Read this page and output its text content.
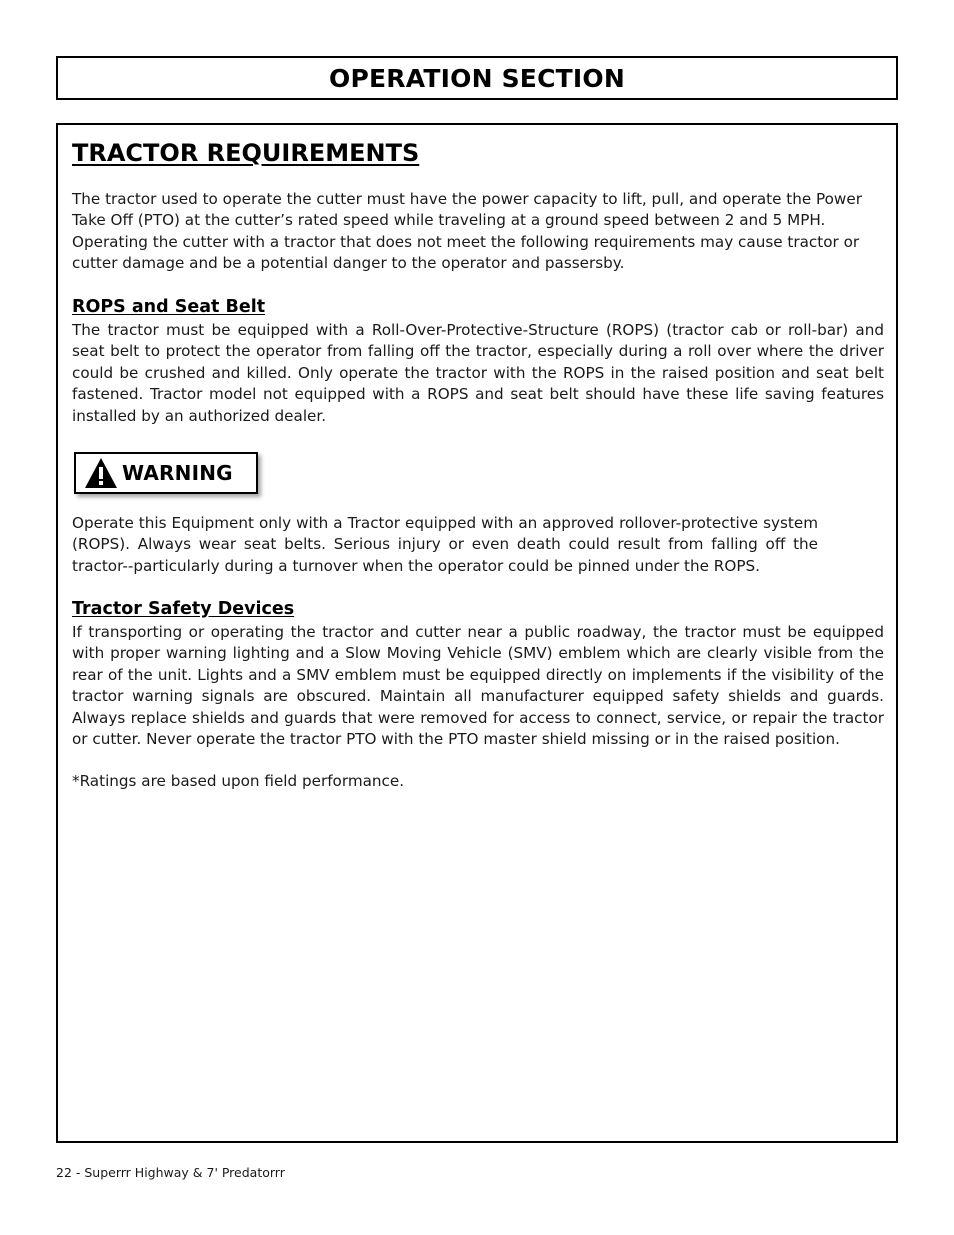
OPERATION SECTION
TRACTOR REQUIREMENTS

The tractor used to operate the cutter must have the power capacity to lift, pull, and operate the Power Take Off (PTO) at the cutter’s rated speed while traveling at a ground speed between 2 and 5 MPH. Operating the cutter with a tractor that does not meet the following requirements may cause tractor or cutter damage and be a potential danger to the operator and passersby.

ROPS and Seat Belt

The tractor must be equipped with a Roll-Over-Protective-Structure (ROPS) (tractor cab or roll-bar) and seat belt to protect the operator from falling off the tractor, especially during a roll over where the driver could be crushed and killed. Only operate the tractor with the ROPS in the raised position and seat belt fastened. Tractor model not equipped with a ROPS and seat belt should have these life saving features installed by an authorized dealer.

WARNING

Operate this Equipment only with a Tractor equipped with an approved rollover-protective system (ROPS). Always wear seat belts. Serious injury or even death could result from falling off the tractor--particularly during a turnover when the operator could be pinned under the ROPS.

Tractor Safety Devices

If transporting or operating the tractor and cutter near a public roadway, the tractor must be equipped with proper warning lighting and a Slow Moving Vehicle (SMV) emblem which are clearly visible from the rear of the unit. Lights and a SMV emblem must be equipped directly on implements if the visibility of the tractor warning signals are obscured. Maintain all manufacturer equipped safety shields and guards. Always replace shields and guards that were removed for access to connect, service, or repair the tractor or cutter. Never operate the tractor PTO with the PTO master shield missing or in the raised position.

*Ratings are based upon field performance.

22 - Superrr Highway & 7' Predatorrr
